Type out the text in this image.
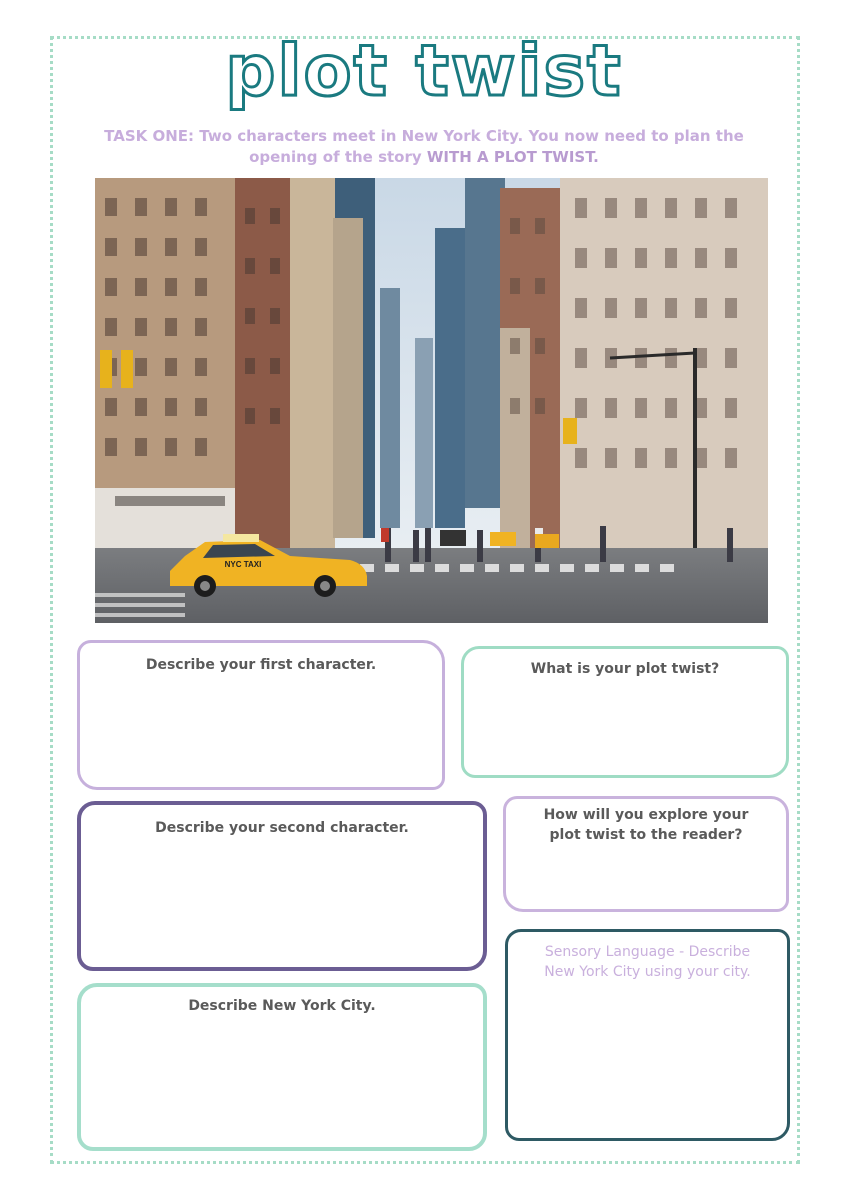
plot twist
TASK ONE: Two characters meet in New York City. You now need to plan the opening of the story WITH A PLOT TWIST.
NYC TAXI
Describe your first character.	What is your plot twist?
Describe your second character.
How will you explore your plot twist to the reader?
Sensory Language - Describe New York City using your city.
Describe New York City.
